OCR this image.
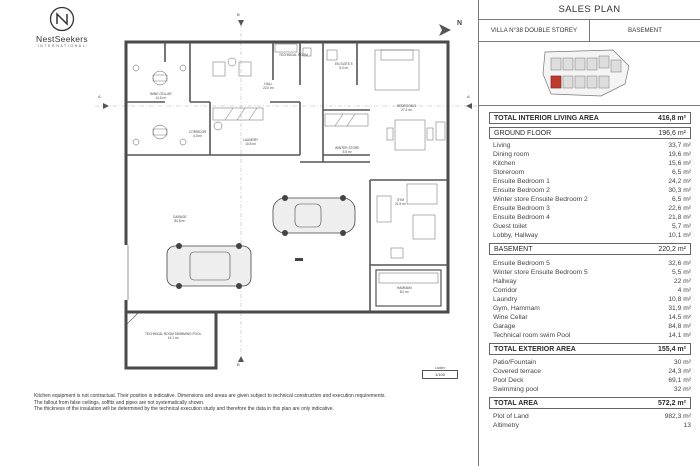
NestSeekers
INTERNATIONAL
N
A	A
B
B
WINE CELLAR
14.5 m²
CORRIDOR
4.0 m²
TECHNICAL ROOM
HALL
22.0 m²
EN-SUITE 5
5.3 m²
BEDROOM 5
27.4 m²
LAUNDRY
10.8 m²
WINTER STORE
5.5 m²
GYM
21.9 m²
GARAGE
84.8 m²
HAMMAM
8.0 m²
TECHNICAL ROOM SWIMMING POOL
14.1 m²
Ladder
1/100
Kitchen equipment is not contractual. Their position is indicative. Dimensions and areas are given subject to technical construction and execution requirements.
The fallout from false ceilings, soffits and pipes are not systematically shown.
The thickness of the insulation will be determined by the technical execution study and therefore the data in this plan are only indicative.
SALES PLAN
VILLA N°38 DOUBLE STOREY	BASEMENT
TOTAL INTERIOR LIVING AREA	416,8 m²
GROUND FLOOR	196,6 m²
Living	33,7 m²
Dining room	19,6 m²
Kitchen	15,6 m²
Storeroom	6,5 m²
Ensuite Bedroom 1	24,2 m²
Ensuite Bedroom 2	30,3 m²
Winter store Ensuite Bedroom 2	6,5 m²
Ensuite Bedroom 3	22,6 m²
Ensuite Bedroom 4	21,8 m²
Guest toilet	5,7 m²
Lobby, Hallway	10,1 m²
BASEMENT	220,2 m²
Ensuite Bedroom 5	32,6 m²
Winter store Ensuite Bedroom 5	5,5 m²
Hallway	22 m²
Corridor	4 m²
Laundry	10,8 m²
Gym, Hammam	31,9 m²
Wine Cellar	14,5 m²
Garage	84,8 m²
Technical room swim Pool	14,1 m²
TOTAL EXTERIOR AREA	155,4 m²
Patio/Fountain	30 m²
Covered terrace	24,3 m²
Pool Deck	69,1 m²
Swimming pool	32 m²
TOTAL AREA	572,2 m²
Plot of Land	982,3 m²
Altimetry	13
